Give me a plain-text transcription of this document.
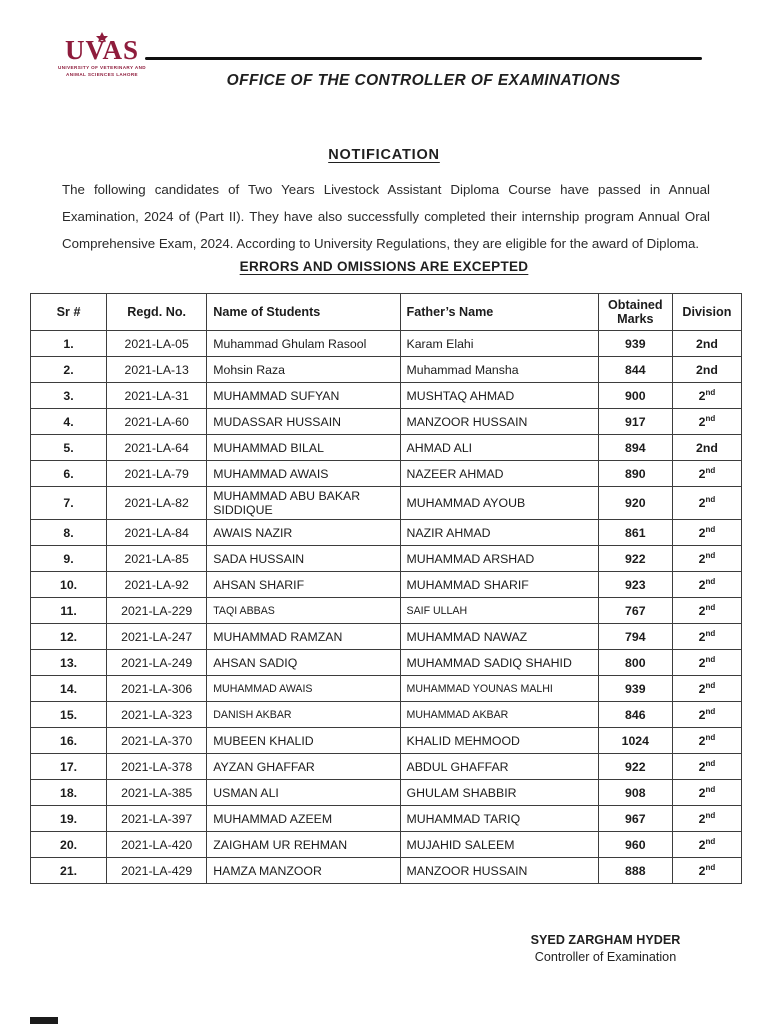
UVAS
UNIVERSITY OF VETERINARY AND ANIMAL SCIENCES LAHORE	OFFICE OF THE CONTROLLER OF EXAMINATIONS
NOTIFICATION
The following candidates of Two Years Livestock Assistant Diploma Course have passed in Annual Examination, 2024 of (Part II). They have also successfully completed their internship program Annual Oral Comprehensive Exam, 2024. According to University Regulations, they are eligible for the award of Diploma.
ERRORS AND OMISSIONS ARE EXCEPTED
Sr #	Regd. No.	Name of Students	Father’s Name	Obtained Marks	Division
1.	2021-LA-05	Muhammad Ghulam Rasool	Karam Elahi	939	2nd
2.	2021-LA-13	Mohsin Raza	Muhammad Mansha	844	2nd
3.	2021-LA-31	MUHAMMAD SUFYAN	MUSHTAQ AHMAD	900	2nd
4.	2021-LA-60	MUDASSAR HUSSAIN	MANZOOR HUSSAIN	917	2nd
5.	2021-LA-64	MUHAMMAD BILAL	AHMAD ALI	894	2nd
6.	2021-LA-79	MUHAMMAD AWAIS	NAZEER AHMAD	890	2nd
7.	2021-LA-82	MUHAMMAD ABU BAKAR SIDDIQUE	MUHAMMAD AYOUB	920	2nd
8.	2021-LA-84	AWAIS NAZIR	NAZIR AHMAD	861	2nd
9.	2021-LA-85	SADA HUSSAIN	MUHAMMAD ARSHAD	922	2nd
10.	2021-LA-92	AHSAN SHARIF	MUHAMMAD SHARIF	923	2nd
11.	2021-LA-229	TAQI ABBAS	SAIF ULLAH	767	2nd
12.	2021-LA-247	MUHAMMAD RAMZAN	MUHAMMAD NAWAZ	794	2nd
13.	2021-LA-249	AHSAN SADIQ	MUHAMMAD SADIQ SHAHID	800	2nd
14.	2021-LA-306	MUHAMMAD AWAIS	MUHAMMAD YOUNAS MALHI	939	2nd
15.	2021-LA-323	DANISH AKBAR	MUHAMMAD AKBAR	846	2nd
16.	2021-LA-370	MUBEEN KHALID	KHALID MEHMOOD	1024	2nd
17.	2021-LA-378	AYZAN GHAFFAR	ABDUL GHAFFAR	922	2nd
18.	2021-LA-385	USMAN ALI	GHULAM SHABBIR	908	2nd
19.	2021-LA-397	MUHAMMAD AZEEM	MUHAMMAD TARIQ	967	2nd
20.	2021-LA-420	ZAIGHAM UR REHMAN	MUJAHID SALEEM	960	2nd
21.	2021-LA-429	HAMZA MANZOOR	MANZOOR HUSSAIN	888	2nd
SYED ZARGHAM HYDER
Controller of Examination
